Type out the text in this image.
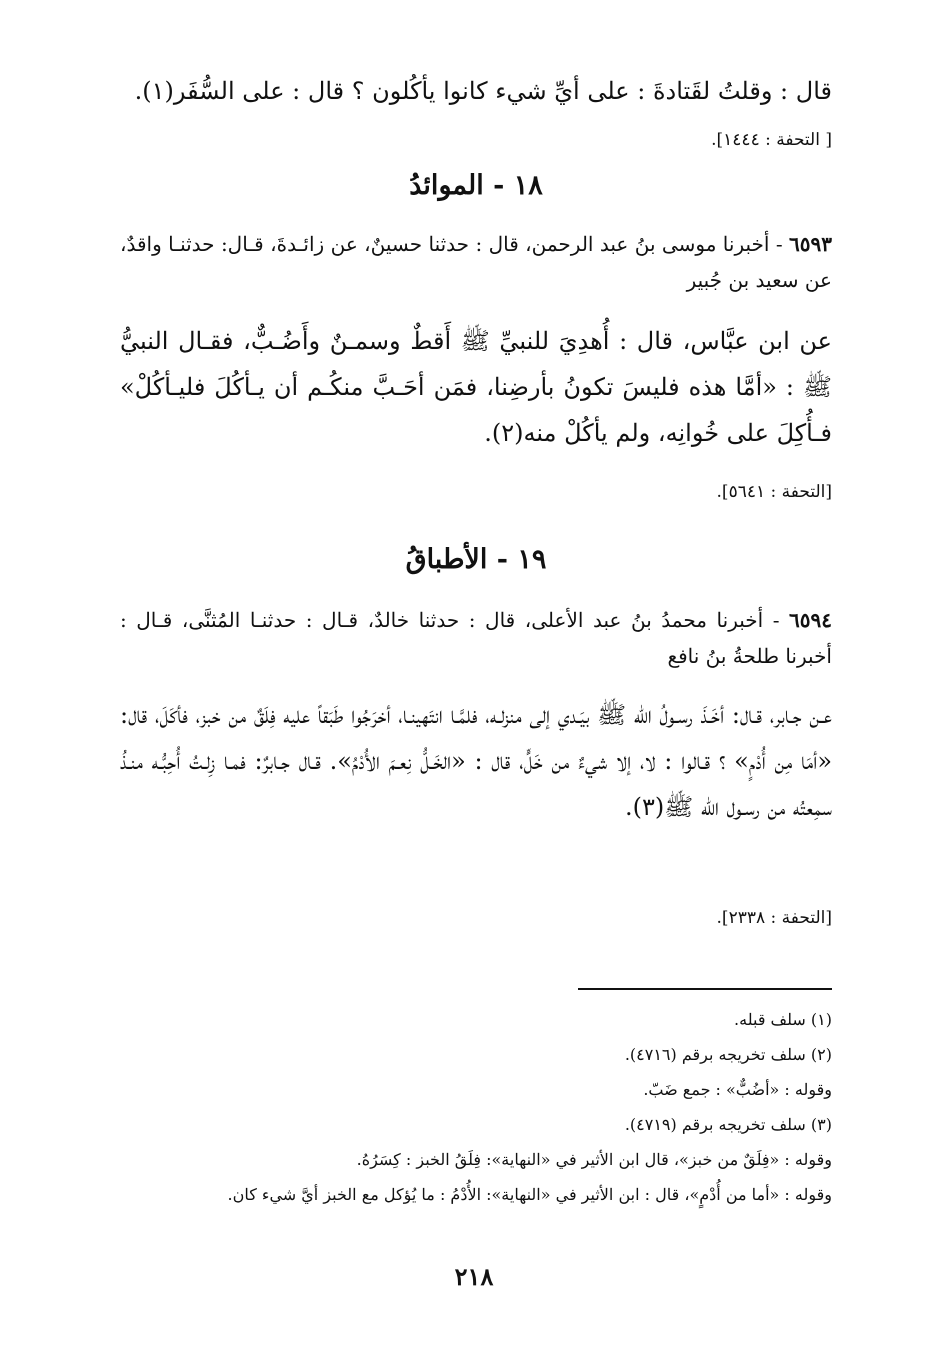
قال : وقلتُ لقَتادةَ : على أيِّ شيء كانوا يأكُلون ؟ قال : على السُّفَر(١).
[ التحفة : ١٤٤٤].
١٨ - الموائدُ
٦٥٩٣ - أخبرنا موسى بنُ عبد الرحمن، قال : حدثنا حسينٌ، عن زائـدةَ، قـال: حدثنـا واقدٌ، عن سعيد بن جُبير
عن ابن عبَّاس، قال : أُهدِيَ للنبيِّ ﷺ أَقطٌ وسمـنٌ وأَضُـبٌّ، فقـال النبيُّ ﷺ : «أمَّا هذه فليسَ تكونُ بأرضِنا، فمَن أحَـبَّ منكُـم أن يـأكُلَ فليـأكُلْ» فـأُكِلَ على خُوانِه، ولم يأكُلْ منه(٢).
[التحفة : ٥٦٤١].
١٩ - الأطباقُ
٦٥٩٤ - أخبرنا محمدُ بنُ عبد الأعلى، قال : حدثنا خالدٌ، قـال : حدثنـا المُثنَّى، قـال : أخبرنا طلحةُ بنُ نافع
عـن جـابر، قـال: أخَـذَ رسـولُ الله ﷺ بيَـدي إلى منزلـه، فلمَّـا انتَهينـا، أخرَجُوا طَبَقاً عليه فِلَقٌ من خبز، فأكَلَ، قال: «أمَا مِن أُدْمٍ» ؟ قـالوا : لا، إلا شيءٌ من خَلٍّ، قال : «الخَـلُّ نِعـمَ الأُدْمُ». قـال جـابرٌ: فمـا زِلـتُ أُحِبُّـه منـذُ سمِعتُه من رسـول الله ﷺ(٣).
[التحفة : ٢٣٣٨].
(١) سلف قبله.
(٢) سلف تخريجه برقم (٤٧١٦).
وقوله : «أضُبٌّ» : جمع ضَبّ.
(٣) سلف تخريجه برقم (٤٧١٩).
وقوله : «فِلَقٌ من خبز»، قال ابن الأثير في «النهاية»: فِلَقُ الخبز : كِسَرُهُ.
وقوله : «أما من أُدْمٍ»، قال : ابن الأثير في «النهاية»: الأُدْمُ : ما يُؤكل مع الخبز أيَّ شيء كان.
٢١٨
